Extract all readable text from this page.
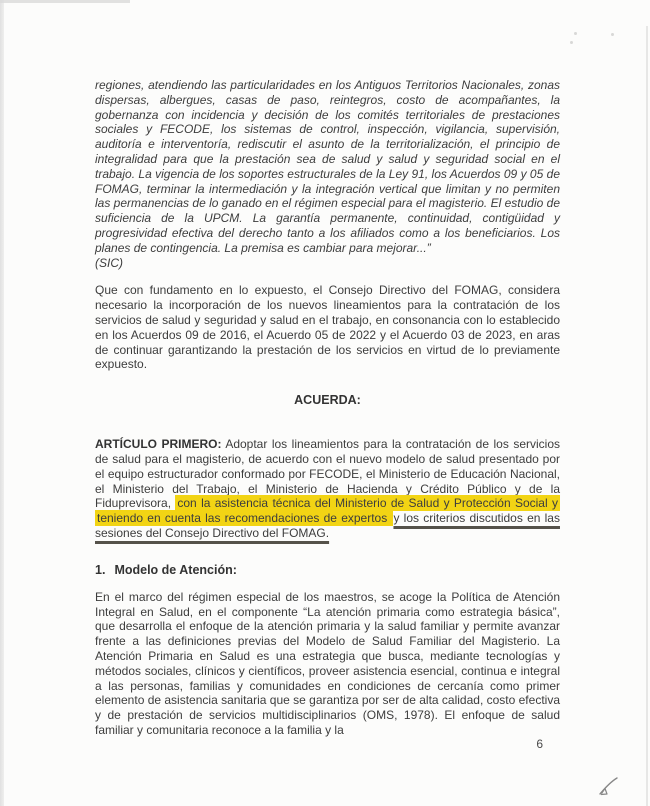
regiones, atendiendo las particularidades en los Antiguos Territorios Nacionales, zonas dispersas, albergues, casas de paso, reintegros, costo de acompañantes, la gobernanza con incidencia y decisión de los comités territoriales de prestaciones sociales y FECODE, los sistemas de control, inspección, vigilancia, supervisión, auditoría e interventoría, rediscutir el asunto de la territorialización, el principio de integralidad para que la prestación sea de salud y salud y seguridad social en el trabajo. La vigencia de los soportes estructurales de la Ley 91, los Acuerdos 09 y 05 de FOMAG, terminar la intermediación y la integración vertical que limitan y no permiten las permanencias de lo ganado en el régimen especial para el magisterio. El estudio de suficiencia de la UPCM. La garantía permanente, continuidad, contigüidad y progresividad efectiva del derecho tanto a los afiliados como a los beneficiarios. Los planes de contingencia. La premisa es cambiar para mejorar...”
(SIC)
Que con fundamento en lo expuesto, el Consejo Directivo del FOMAG, considera necesario la incorporación de los nuevos lineamientos para la contratación de los servicios de salud y seguridad y salud en el trabajo, en consonancia con lo establecido en los Acuerdos 09 de 2016, el Acuerdo 05 de 2022 y el Acuerdo 03 de 2023, en aras de continuar garantizando la prestación de los servicios en virtud de lo previamente expuesto.
ACUERDA:
ARTÍCULO PRIMERO: Adoptar los lineamientos para la contratación de los servicios de salud para el magisterio, de acuerdo con el nuevo modelo de salud presentado por el equipo estructurador conformado por FECODE, el Ministerio de Educación Nacional, el Ministerio del Trabajo, el Ministerio de Hacienda y Crédito Público y de la Fiduprevisora, con la asistencia técnica del Ministerio de Salud y Protección Social y teniendo en cuenta las recomendaciones de expertos y los criterios discutidos en las sesiones del Consejo Directivo del FOMAG.
1. Modelo de Atención:
En el marco del régimen especial de los maestros, se acoge la Política de Atención Integral en Salud, en el componente “La atención primaria como estrategia básica”, que desarrolla el enfoque de la atención primaria y la salud familiar y permite avanzar frente a las definiciones previas del Modelo de Salud Familiar del Magisterio. La Atención Primaria en Salud es una estrategia que busca, mediante tecnologías y métodos sociales, clínicos y científicos, proveer asistencia esencial, continua e integral a las personas, familias y comunidades en condiciones de cercanía como primer elemento de asistencia sanitaria que se garantiza por ser de alta calidad, costo efectiva y de prestación de servicios multidisciplinarios (OMS, 1978). El enfoque de salud familiar y comunitaria reconoce a la familia y la
6
